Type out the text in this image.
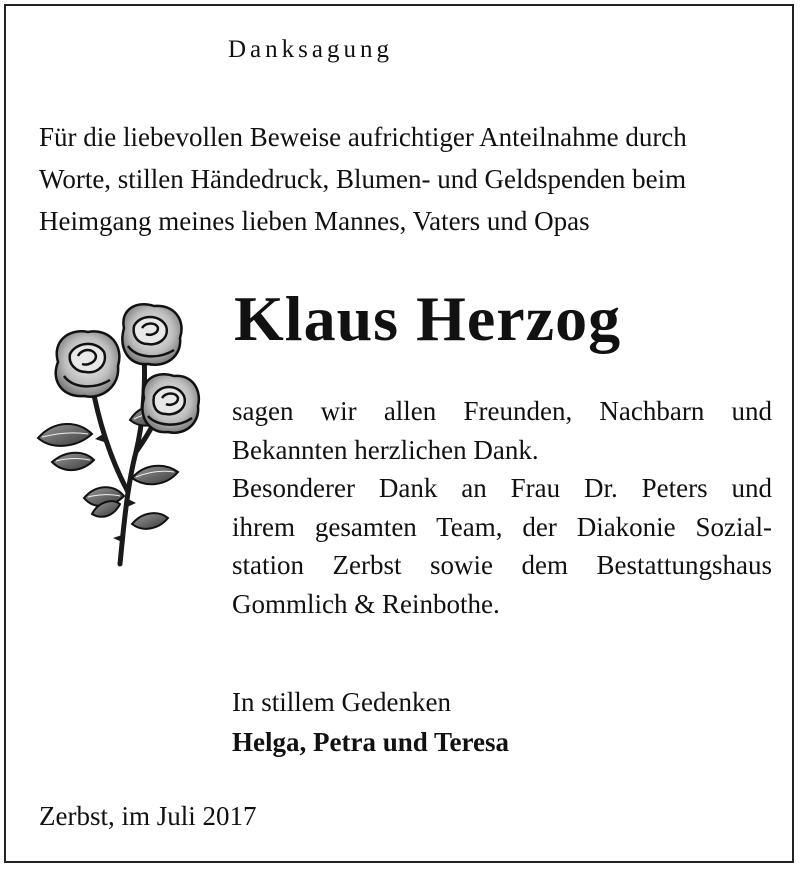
Danksagung
Für die liebevollen Beweise aufrichtiger Anteilnahme durch
Worte, stillen Händedruck, Blumen- und Geldspenden beim
Heimgang meines lieben Mannes, Vaters und Opas
Klaus Herzog
sagen wir allen Freunden, Nachbarn und
Bekannten herzlichen Dank.
Besonderer Dank an Frau Dr. Peters und
ihrem gesamten Team, der Diakonie Sozial-
station Zerbst sowie dem Bestattungshaus
Gommlich & Reinbothe.
In stillem Gedenken
Helga, Petra und Teresa
Zerbst, im Juli 2017
